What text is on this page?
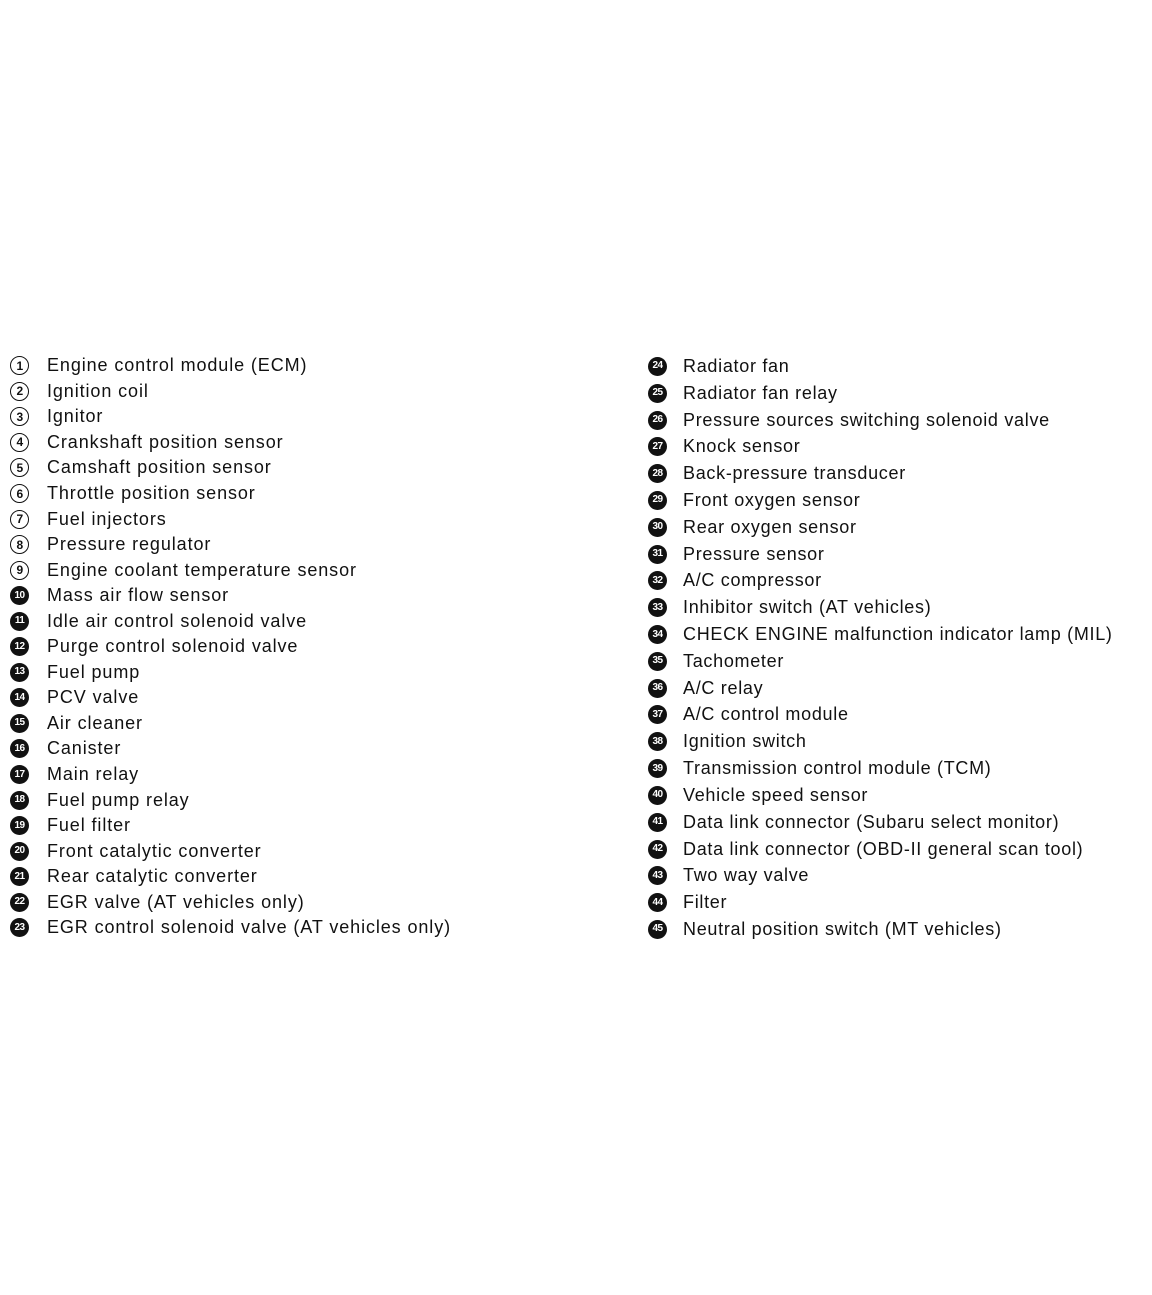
1	Engine control module (ECM)
2	Ignition coil
3	Ignitor
4	Crankshaft position sensor
5	Camshaft position sensor
6	Throttle position sensor
7	Fuel injectors
8	Pressure regulator
9	Engine coolant temperature sensor
10 Mass air flow sensor
11 Idle air control solenoid valve
12 Purge control solenoid valve
13 Fuel pump
14 PCV valve
15 Air cleaner
16 Canister
17 Main relay
18 Fuel pump relay
19 Fuel filter
20 Front catalytic converter
21 Rear catalytic converter
22 EGR valve (AT vehicles only)
23 EGR control solenoid valve (AT vehicles only)
24 Radiator fan
25 Radiator fan relay
26 Pressure sources switching solenoid valve
27 Knock sensor
28 Back-pressure transducer
29 Front oxygen sensor
30 Rear oxygen sensor
31 Pressure sensor
32 A/C compressor
33 Inhibitor switch (AT vehicles)
34 CHECK ENGINE malfunction indicator lamp (MIL)
35 Tachometer
36 A/C relay
37 A/C control module
38 Ignition switch
39 Transmission control module (TCM)
40 Vehicle speed sensor
41 Data link connector (Subaru select monitor)
42 Data link connector (OBD-II general scan tool)
43 Two way valve
44 Filter
45 Neutral position switch (MT vehicles)
